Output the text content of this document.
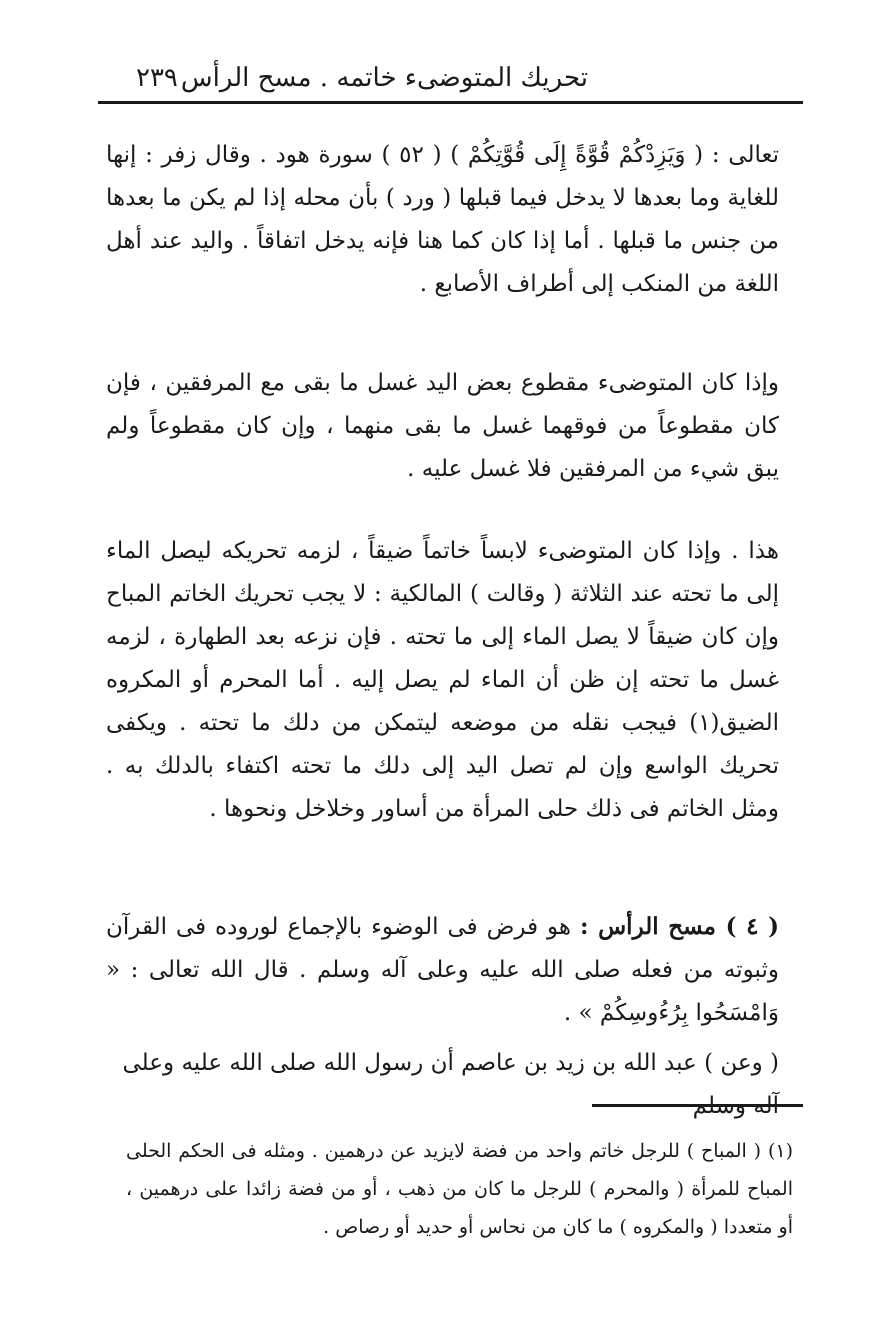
تحريك المتوضىء خاتمه . مسح الرأس
٢٣٩
تعالى : ( وَيَزِدْكُمْ قُوَّةً إِلَى قُوَّتِكُمْ ) ( ٥٢ ) سورة هود . وقال زفر : إنها للغاية وما بعدها لا يدخل فيما قبلها ( ورد ) بأن محله إذا لم يكن ما بعدها من جنس ما قبلها . أما إذا كان كما هنا فإنه يدخل اتفاقاً . واليد عند أهل اللغة من المنكب إلى أطراف الأصابع .
وإذا كان المتوضىء مقطوع بعض اليد غسل ما بقى مع المرفقين ، فإن كان مقطوعاً من فوقهما غسل ما بقى منهما ، وإن كان مقطوعاً ولم يبق شيء من المرفقين فلا غسل عليه .
هذا . وإذا كان المتوضىء لابساً خاتماً ضيقاً ، لزمه تحريكه ليصل الماء إلى ما تحته عند الثلاثة ( وقالت ) المالكية : لا يجب تحريك الخاتم المباح وإن كان ضيقاً لا يصل الماء إلى ما تحته . فإن نزعه بعد الطهارة ، لزمه غسل ما تحته إن ظن أن الماء لم يصل إليه . أما المحرم أو المكروه الضيق(١) فيجب نقله من موضعه ليتمكن من دلك ما تحته . ويكفى تحريك الواسع وإن لم تصل اليد إلى دلك ما تحته اكتفاء بالدلك به . ومثل الخاتم فى ذلك حلى المرأة من أساور وخلاخل ونحوها .
( ٤ ) مسح الرأس : هو فرض فى الوضوء بالإجماع لوروده فى القرآن وثبوته من فعله صلى الله عليه وعلى آله وسلم . قال الله تعالى : « وَامْسَحُوا بِرُءُوسِكُمْ » .
( وعن ) عبد الله بن زيد بن عاصم أن رسول الله صلى الله عليه وعلى آله وسلم
(١) ( المباح ) للرجل خاتم واحد من فضة لايزيد عن درهمين . ومثله فى الحكم الحلى المباح للمرأة ( والمحرم ) للرجل ما كان من ذهب ، أو من فضة زائدا على درهمين ، أو متعددا ( والمكروه ) ما كان من نحاس أو حديد أو رصاص .
